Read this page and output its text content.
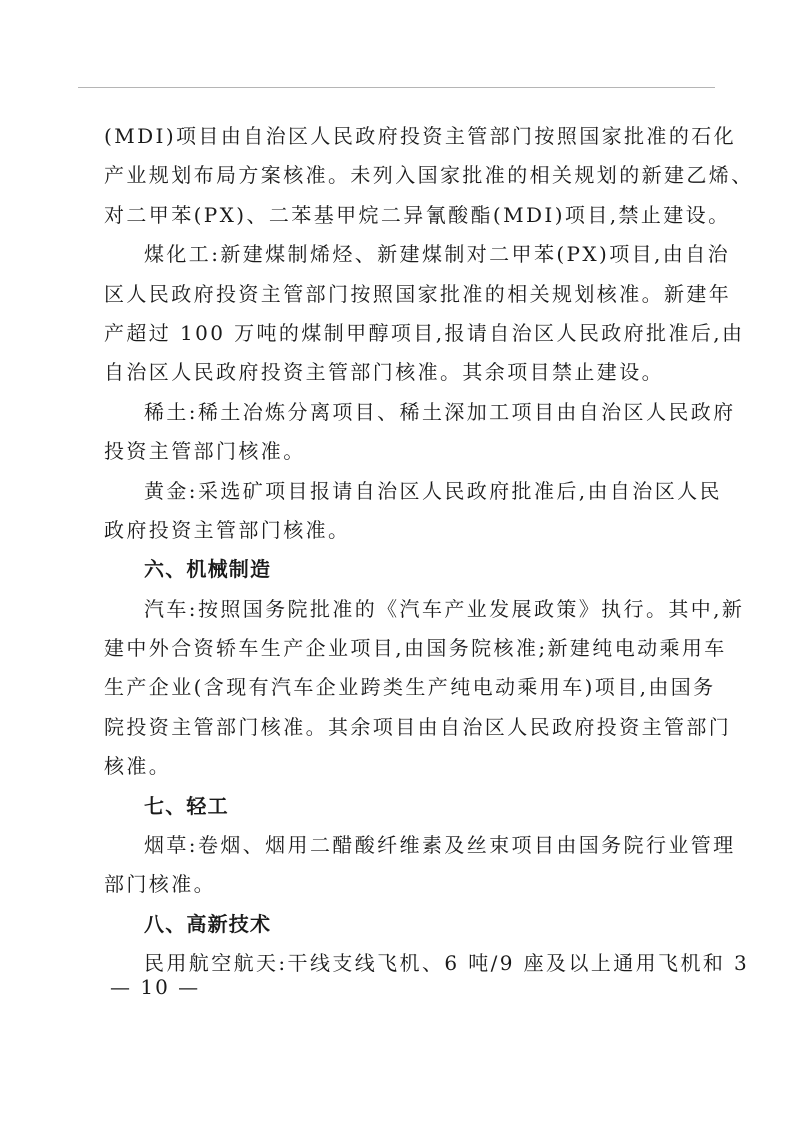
(MDI)项目由自治区人民政府投资主管部门按照国家批准的石化
产业规划布局方案核准。未列入国家批准的相关规划的新建乙烯、
对二甲苯(PX)、二苯基甲烷二异氰酸酯(MDI)项目,禁止建设。
煤化工:新建煤制烯烃、新建煤制对二甲苯(PX)项目,由自治
区人民政府投资主管部门按照国家批准的相关规划核准。新建年
产超过 100 万吨的煤制甲醇项目,报请自治区人民政府批准后,由
自治区人民政府投资主管部门核准。其余项目禁止建设。
稀土:稀土冶炼分离项目、稀土深加工项目由自治区人民政府
投资主管部门核准。
黄金:采选矿项目报请自治区人民政府批准后,由自治区人民
政府投资主管部门核准。
六、机械制造
汽车:按照国务院批准的《汽车产业发展政策》执行。其中,新
建中外合资轿车生产企业项目,由国务院核准;新建纯电动乘用车
生产企业(含现有汽车企业跨类生产纯电动乘用车)项目,由国务
院投资主管部门核准。其余项目由自治区人民政府投资主管部门
核准。
七、轻工
烟草:卷烟、烟用二醋酸纤维素及丝束项目由国务院行业管理
部门核准。
八、高新技术
民用航空航天:干线支线飞机、6 吨/9 座及以上通用飞机和 3
— 10 —
